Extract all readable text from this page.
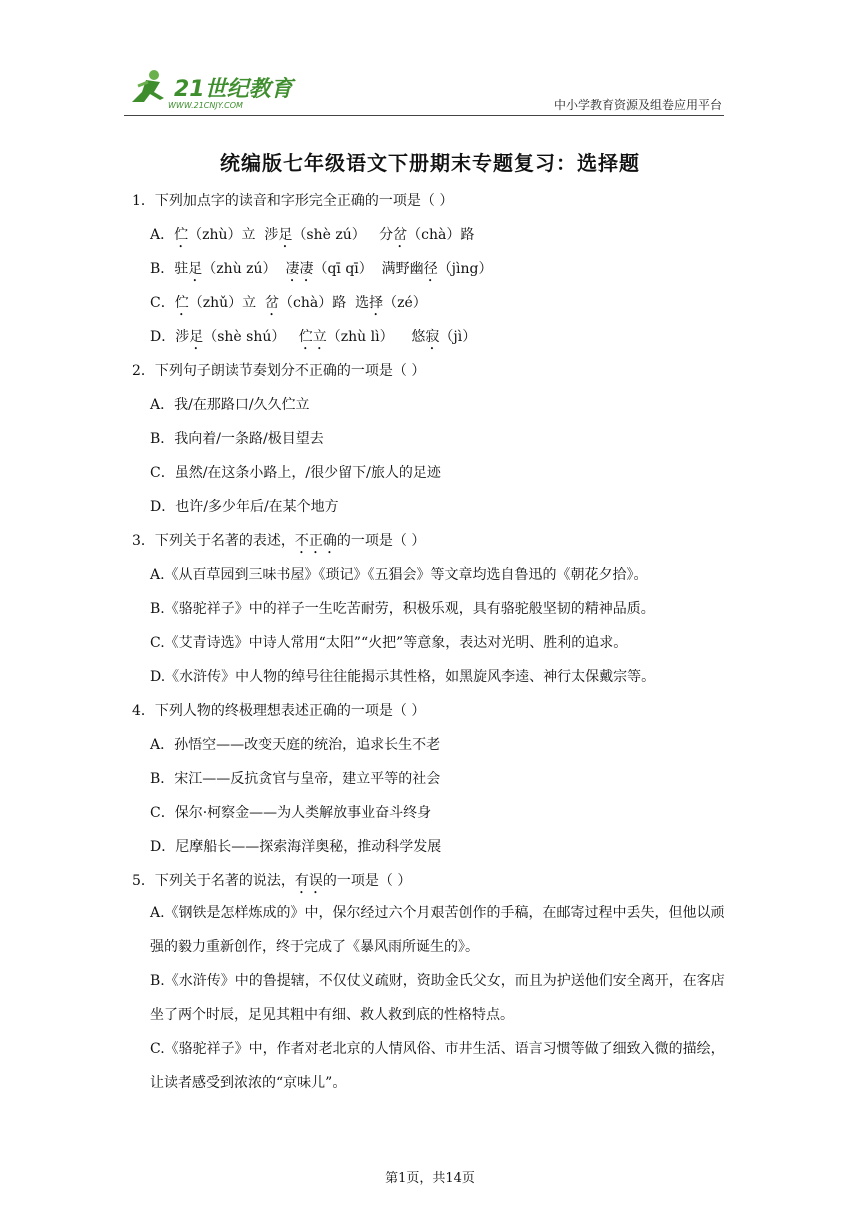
21世纪教育
WWW.21CNJY.COM	中小学教育资源及组卷应用平台
统编版七年级语文下册期末专题复习：选择题
1．下列加点字的读音和字形完全正确的一项是（ ）
A．伫（zhù）立  涉足（shè zú）   分岔（chà）路
B．驻足（zhù zú）  凄凄（qī qī）  满野幽径（jìng）
C．伫（zhǔ）立  岔（chà）路  选择（zé）
D．涉足（shè shú）   伫立（zhù lì）    悠寂（jì）
2．下列句子朗读节奏划分不正确的一项是（ ）
A．我/在那路口/久久伫立
B．我向着/一条路/极目望去
C．虽然/在这条小路上，/很少留下/旅人的足迹
D．也许/多少年后/在某个地方
3．下列关于名著的表述，不正确的一项是（ ）
A.《从百草园到三味书屋》《琐记》《五猖会》等文章均选自鲁迅的《朝花夕拾》。
B.《骆驼祥子》中的祥子一生吃苦耐劳，积极乐观，具有骆驼般坚韧的精神品质。
C.《艾青诗选》中诗人常用“太阳”“火把”等意象，表达对光明、胜利的追求。
D.《水浒传》中人物的绰号往往能揭示其性格，如黑旋风李逵、神行太保戴宗等。
4．下列人物的终极理想表述正确的一项是（ ）
A．孙悟空——改变天庭的统治，追求长生不老
B．宋江——反抗贪官与皇帝，建立平等的社会
C．保尔·柯察金——为人类解放事业奋斗终身
D．尼摩船长——探索海洋奥秘，推动科学发展
5．下列关于名著的说法，有误的一项是（ ）
A.《钢铁是怎样炼成的》中，保尔经过六个月艰苦创作的手稿，在邮寄过程中丢失，但他以顽强的毅力重新创作，终于完成了《暴风雨所诞生的》。
B.《水浒传》中的鲁提辖，不仅仗义疏财，资助金氏父女，而且为护送他们安全离开，在客店坐了两个时辰，足见其粗中有细、救人救到底的性格特点。
C.《骆驼祥子》中，作者对老北京的人情风俗、市井生活、语言习惯等做了细致入微的描绘，让读者感受到浓浓的“京味儿”。
第1页，共14页
